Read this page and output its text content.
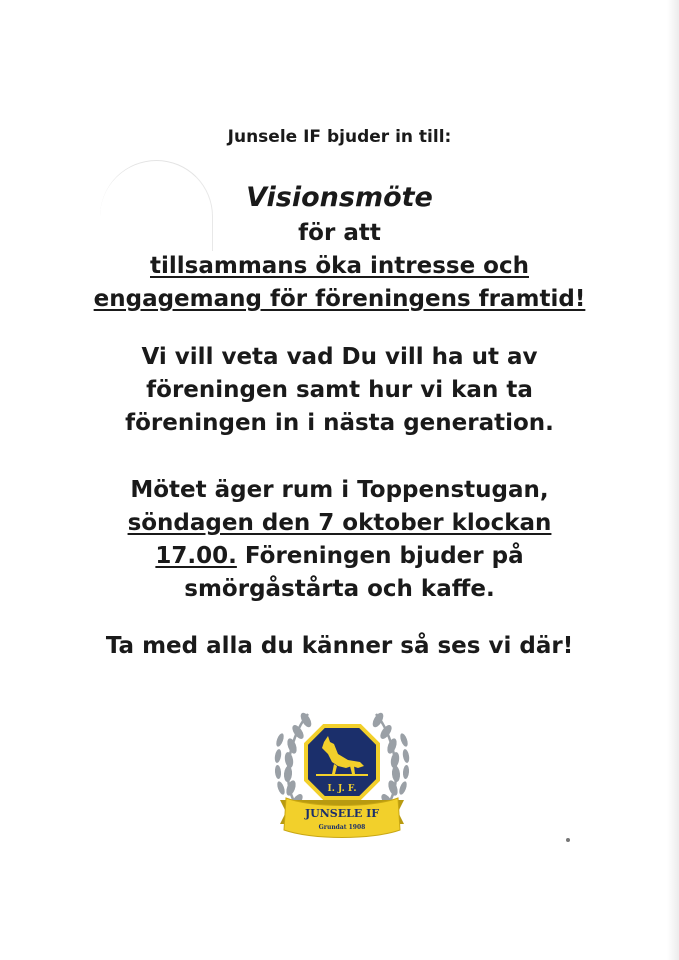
Junsele IF bjuder in till:
Visionsmöte
för att
tillsammans öka intresse och
engagemang för föreningens framtid!
Vi vill veta vad Du vill ha ut av
föreningen samt hur vi kan ta
föreningen in i nästa generation.
Mötet äger rum i Toppenstugan,
söndagen den 7 oktober klockan
17.00. Föreningen bjuder på
smörgåstårta och kaffe.
Ta med alla du känner så ses vi där!
I. J. F.
JUNSELE IF
Grundat 1908
